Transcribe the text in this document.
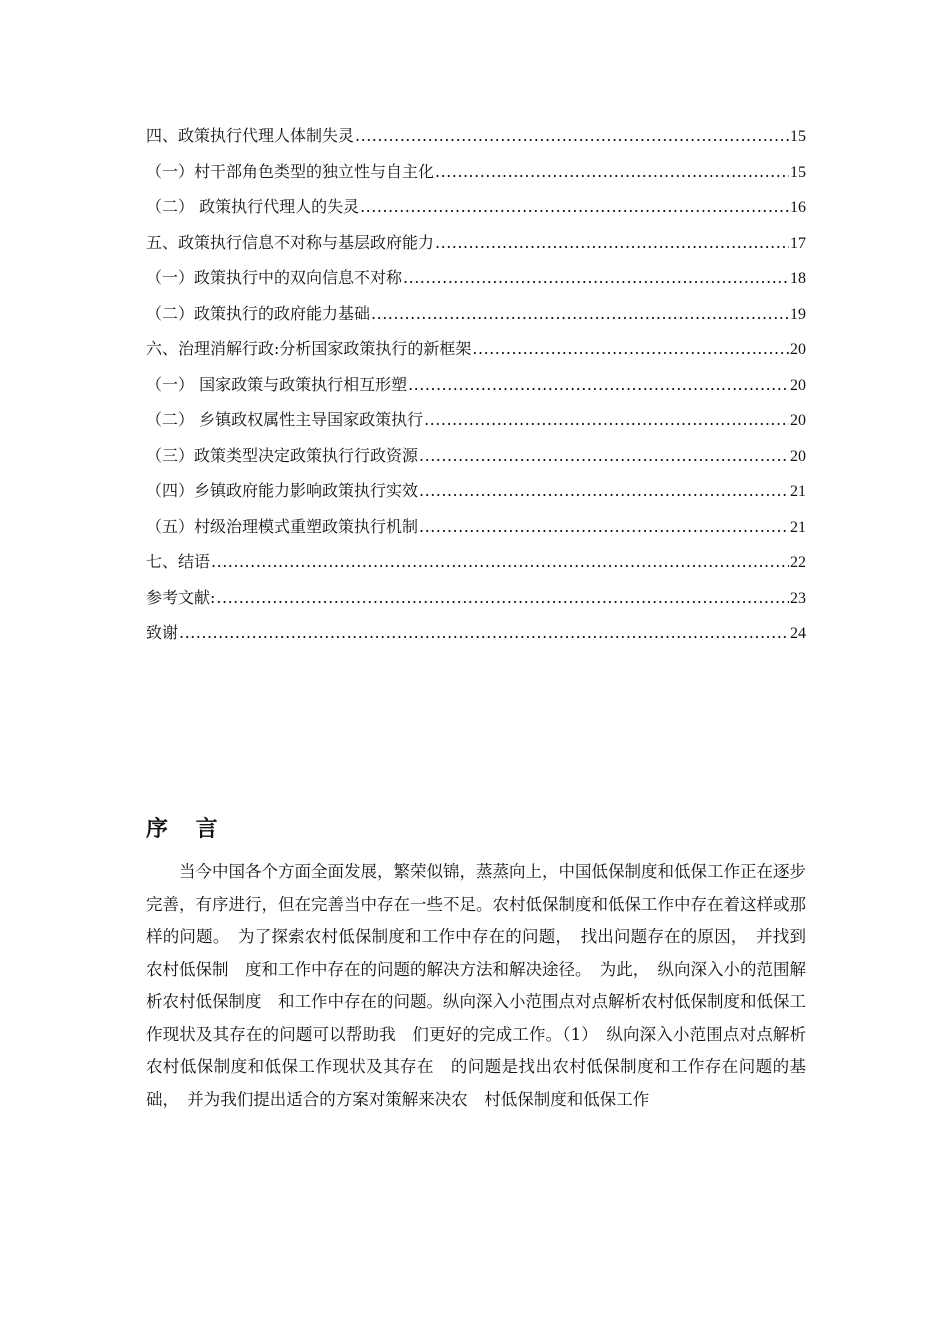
四、政策执行代理人体制失灵 .....	15
（一）村干部角色类型的独立性与自主化 .....	15
（二） 政策执行代理人的失灵 .....	16
五、政策执行信息不对称与基层政府能力 .....	17
（一）政策执行中的双向信息不对称 .....	18
（二）政策执行的政府能力基础 .....	19
六、治理消解行政:分析国家政策执行的新框架 .....	20
（一） 国家政策与政策执行相互形塑 .....	20
（二） 乡镇政权属性主导国家政策执行 .....	20
（三）政策类型决定政策执行行政资源 .....	20
（四）乡镇政府能力影响政策执行实效 .....	21
（五）村级治理模式重塑政策执行机制 .....	21
七、结语 .....	22
参考文献: .....	23
致谢 .....	24
序 言

当今中国各个方面全面发展，繁荣似锦，蒸蒸向上，中国低保制度和低保工作正在逐步　完善，有序进行，但在完善当中存在一些不足。农村低保制度和低保工作中存在着这样或那　样的问题。　为了探索农村低保制度和工作中存在的问题，　找出问题存在的原因，　并找到农村低保制　度和工作中存在的问题的解决方法和解决途径。　为此，　纵向深入小的范围解析农村低保制度　和工作中存在的问题。纵向深入小范围点对点解析农村低保制度和低保工作现状及其存在的问题可以帮助我　们更好的完成工作。（1）　纵向深入小范围点对点解析农村低保制度和低保工作现状及其存在　的问题是找出农村低保制度和工作存在问题的基础，　并为我们提出适合的方案对策解来决农　村低保制度和低保工作
